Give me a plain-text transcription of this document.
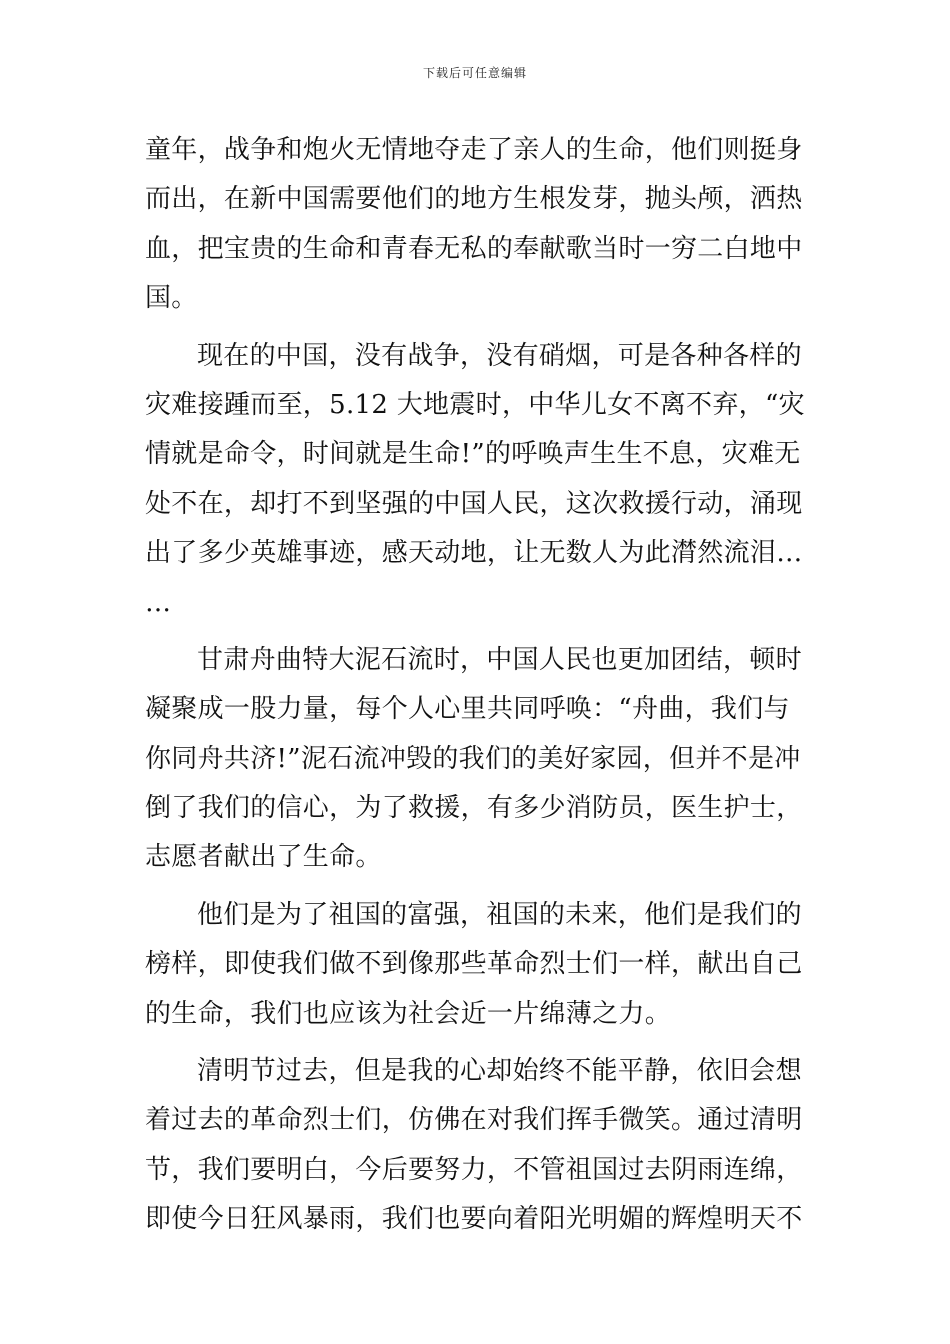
下载后可任意编辑
童年，战争和炮火无情地夺走了亲人的生命，他们则挺身
而出，在新中国需要他们的地方生根发芽，抛头颅，洒热
血，把宝贵的生命和青春无私的奉献歌当时一穷二白地中
国。
现在的中国，没有战争，没有硝烟，可是各种各样的
灾难接踵而至，5.12 大地震时，中华儿女不离不弃，“灾
情就是命令，时间就是生命!”的呼唤声生生不息，灾难无
处不在，却打不到坚强的中国人民，这次救援行动，涌现
出了多少英雄事迹，感天动地，让无数人为此潸然流泪…
…
甘肃舟曲特大泥石流时，中国人民也更加团结，顿时
凝聚成一股力量，每个人心里共同呼唤：“舟曲，我们与
你同舟共济!”泥石流冲毁的我们的美好家园，但并不是冲
倒了我们的信心，为了救援，有多少消防员，医生护士，
志愿者献出了生命。
他们是为了祖国的富强，祖国的未来，他们是我们的
榜样，即使我们做不到像那些革命烈士们一样，献出自己
的生命，我们也应该为社会近一片绵薄之力。
清明节过去，但是我的心却始终不能平静，依旧会想
着过去的革命烈士们，仿佛在对我们挥手微笑。通过清明
节，我们要明白，今后要努力，不管祖国过去阴雨连绵，
即使今日狂风暴雨，我们也要向着阳光明媚的辉煌明天不
